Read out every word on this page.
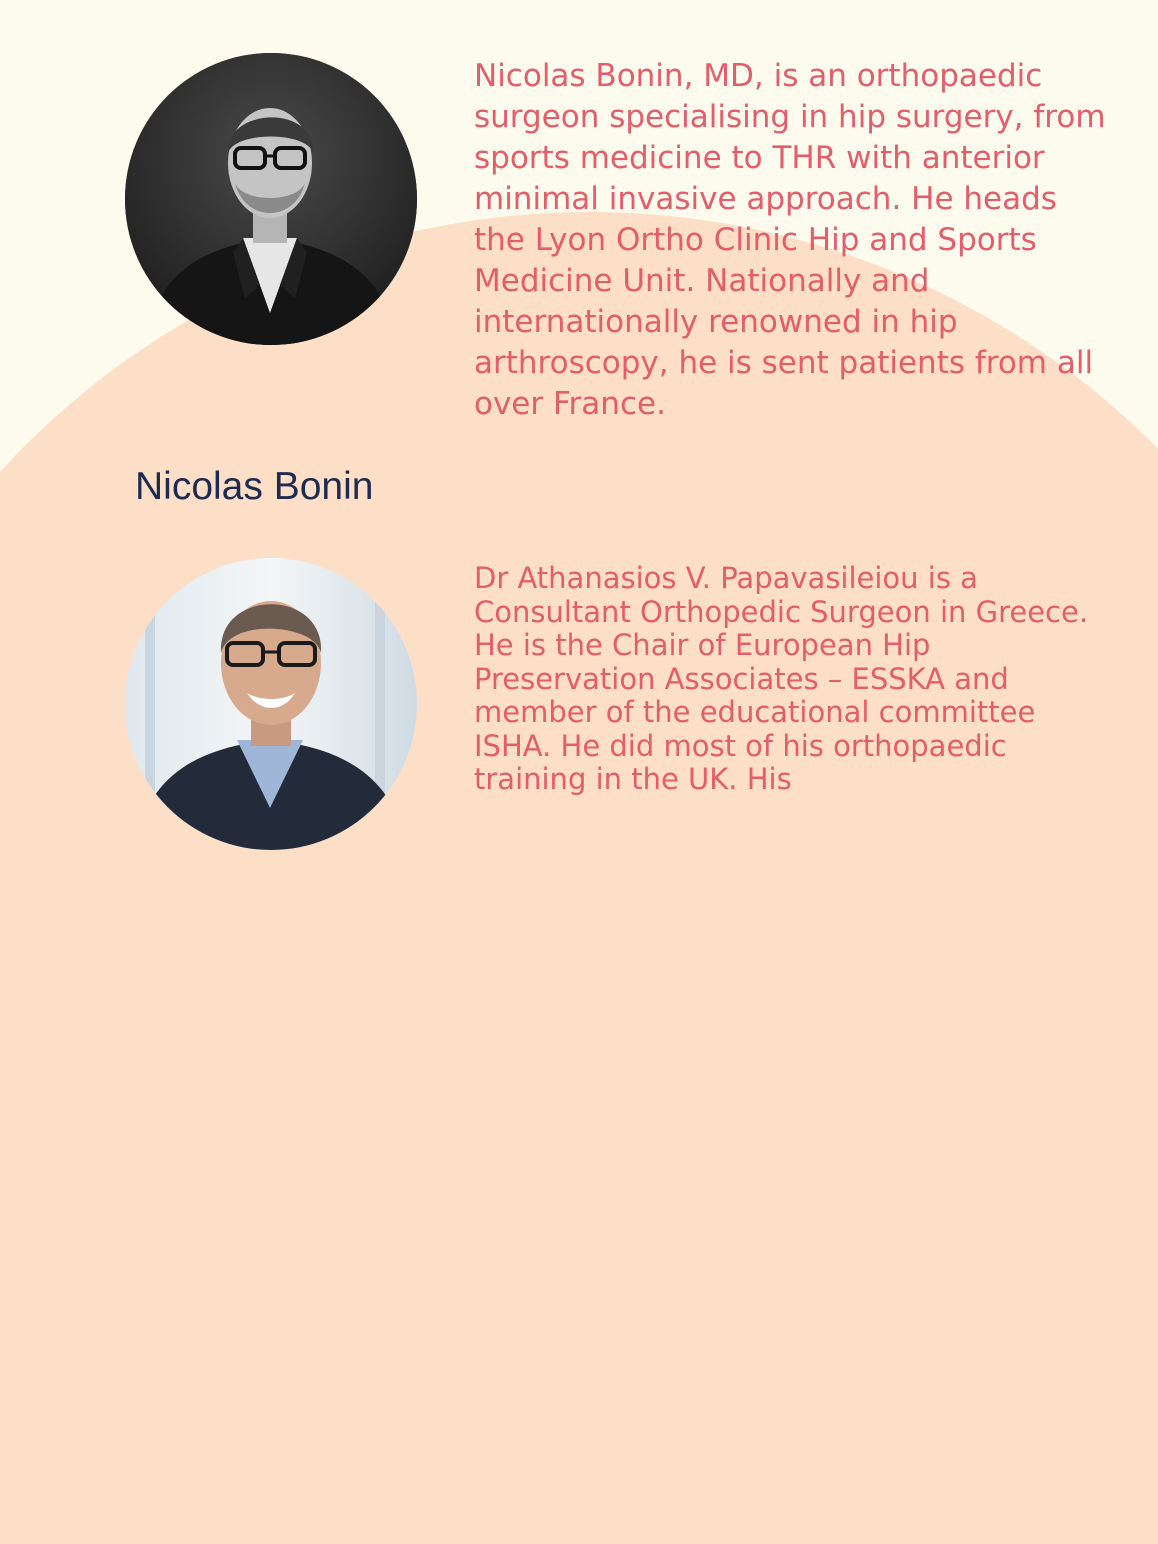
Nicolas Bonin, MD, is an orthopaedic surgeon specialising in hip surgery, from sports medicine to THR with anterior minimal invasive approach. He heads the Lyon Ortho Clinic Hip and Sports Medicine Unit. Nationally and internationally renowned in hip arthroscopy, he is sent patients from all over France.

Nicolas Bonin

Dr Athanasios V. Papavasileiou is a Consultant Orthopedic Surgeon in Greece. He is the Chair of European Hip Preservation Associates – ESSKA and member of the educational committee ISHA. He did most of his orthopaedic training in the UK. His
